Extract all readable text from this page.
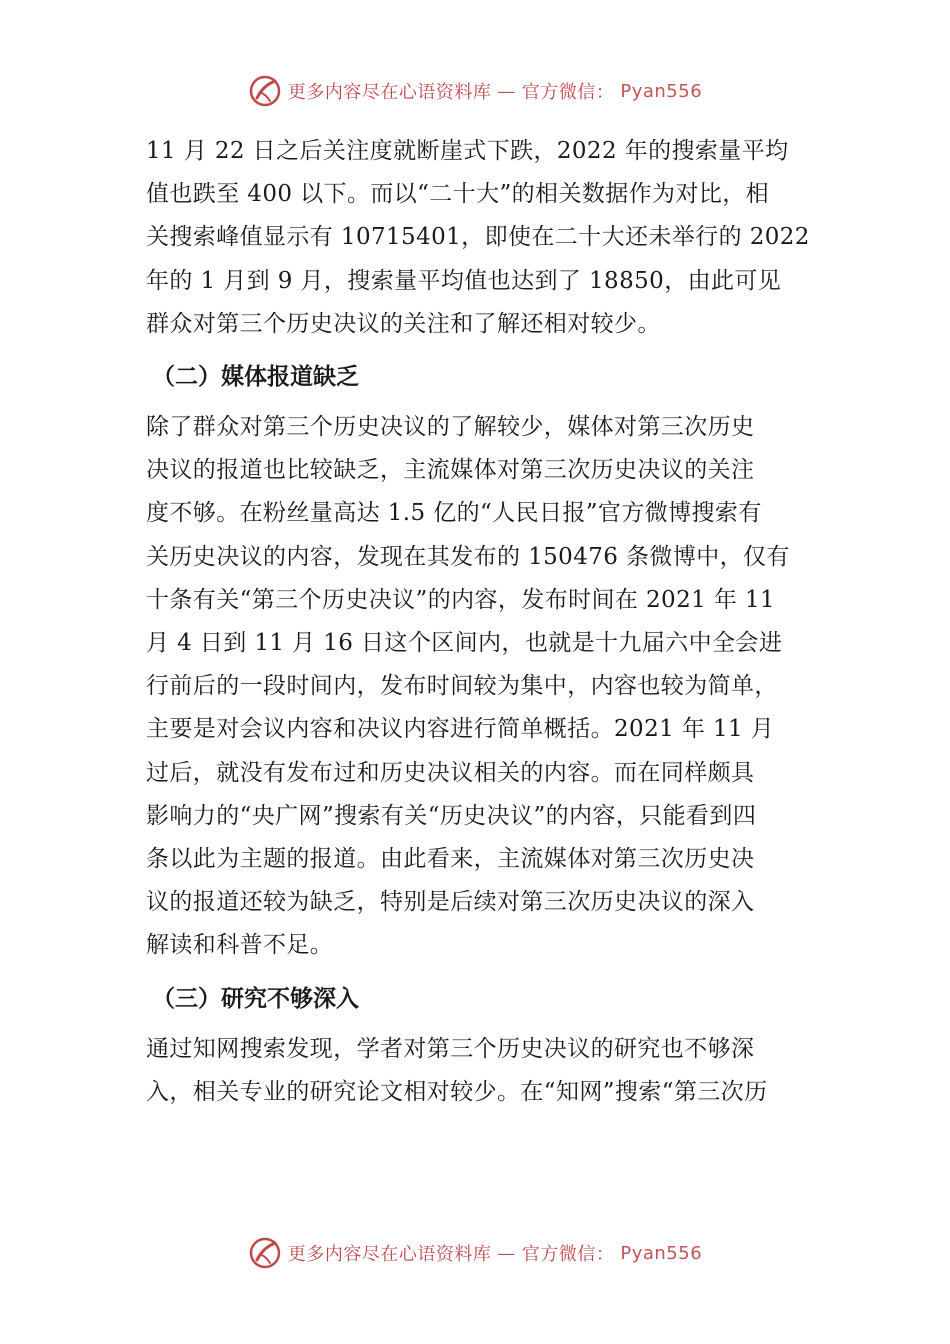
更多内容尽在心语资料库 — 官方微信： Pyan556

11 月 22 日之后关注度就断崖式下跌，2022 年的搜索量平均
值也跌至 400 以下。而以“二十大”的相关数据作为对比，相
关搜索峰值显示有 10715401，即使在二十大还未举行的 2022
年的 1 月到 9 月，搜索量平均值也达到了 18850，由此可见
群众对第三个历史决议的关注和了解还相对较少。

（二）媒体报道缺乏

除了群众对第三个历史决议的了解较少，媒体对第三次历史
决议的报道也比较缺乏，主流媒体对第三次历史决议的关注
度不够。在粉丝量高达 1.5 亿的“人民日报”官方微博搜索有
关历史决议的内容，发现在其发布的 150476 条微博中，仅有
十条有关“第三个历史决议”的内容，发布时间在 2021 年 11
月 4 日到 11 月 16 日这个区间内，也就是十九届六中全会进
行前后的一段时间内，发布时间较为集中，内容也较为简单，
主要是对会议内容和决议内容进行简单概括。2021 年 11 月
过后，就没有发布过和历史决议相关的内容。而在同样颇具
影响力的“央广网”搜索有关“历史决议”的内容，只能看到四
条以此为主题的报道。由此看来，主流媒体对第三次历史决
议的报道还较为缺乏，特别是后续对第三次历史决议的深入
解读和科普不足。

（三）研究不够深入

通过知网搜索发现，学者对第三个历史决议的研究也不够深
入，相关专业的研究论文相对较少。在“知网”搜索“第三次历

更多内容尽在心语资料库 — 官方微信： Pyan556
